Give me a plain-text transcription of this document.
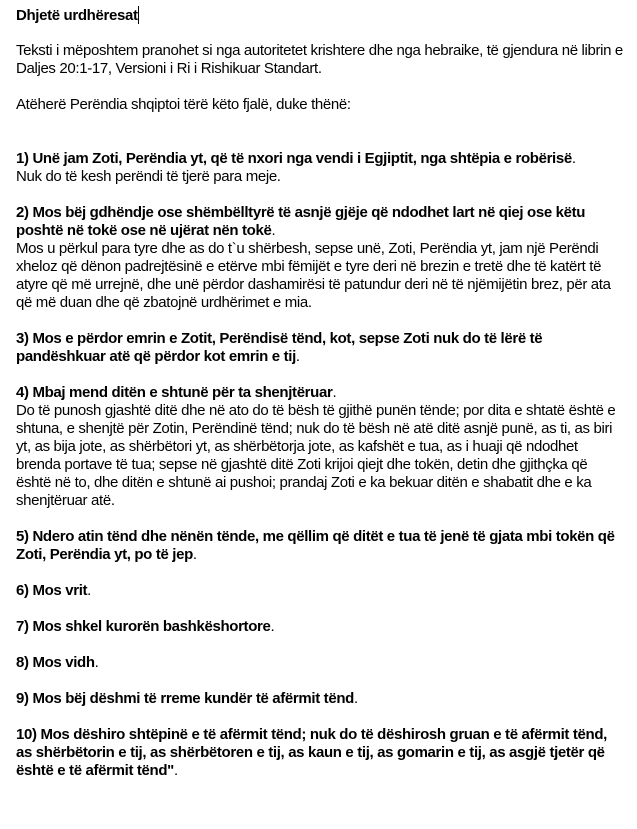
Dhjetë urdhëresat

Teksti i mëposhtem pranohet si nga autoritetet krishtere dhe nga hebraike, të gjendura në librin e Daljes 20:1-17, Versioni i Ri i Rishikuar Standart.

Atëherë Perëndia shqiptoi tërë këto fjalë, duke thënë:

1) Unë jam Zoti, Perëndia yt, që të nxori nga vendi i Egjiptit, nga shtëpia e robërisë.

Nuk do të kesh perëndi të tjerë para meje.

2) Mos bëj gdhëndje ose shëmbëlltyrë të asnjë gjëje që ndodhet lart në qiej ose këtu poshtë në tokë ose në ujërat nën tokë.

Mos u përkul para tyre dhe as do t`u shërbesh, sepse unë, Zoti, Perëndia yt, jam një Perëndi xheloz që dënon padrejtësinë e etërve mbi fëmijët e tyre deri në brezin e tretë dhe të katërt të atyre që më urrejnë, dhe unë përdor dashamirësi të patundur deri në të njëmijëtin brez, për ata që më duan dhe që zbatojnë urdhërimet e mia.

3) Mos e përdor emrin e Zotit, Perëndisë tënd, kot, sepse Zoti nuk do të lërë të pandëshkuar atë që përdor kot emrin e tij.

4) Mbaj mend ditën e shtunë për ta shenjtëruar.

Do të punosh gjashtë ditë dhe në ato do të bësh të gjithë punën tënde; por dita e shtatë është e shtuna, e shenjtë për Zotin, Perëndinë tënd; nuk do të bësh në atë ditë asnjë punë, as ti, as biri yt, as bija jote, as shërbëtori yt, as shërbëtorja jote, as kafshët e tua, as i huaji që ndodhet brenda portave të tua; sepse në gjashtë ditë Zoti krijoi qiejt dhe tokën, detin dhe gjithçka që është në to, dhe ditën e shtunë ai pushoi; prandaj Zoti e ka bekuar ditën e shabatit dhe e ka shenjtëruar atë.

5) Ndero atin tënd dhe nënën tënde, me qëllim që ditët e tua të jenë të gjata mbi tokën që Zoti, Perëndia yt, po të jep.

6) Mos vrit.

7) Mos shkel kurorën bashkëshortore.

8) Mos vidh.

9) Mos bëj dëshmi të rreme kundër të afërmit tënd.

10) Mos dëshiro shtëpinë e të afërmit tënd; nuk do të dëshirosh gruan e të afërmit tënd, as shërbëtorin e tij, as shërbëtoren e tij, as kaun e tij, as gomarin e tij, as asgjë tjetër që është e të afërmit tënd".
